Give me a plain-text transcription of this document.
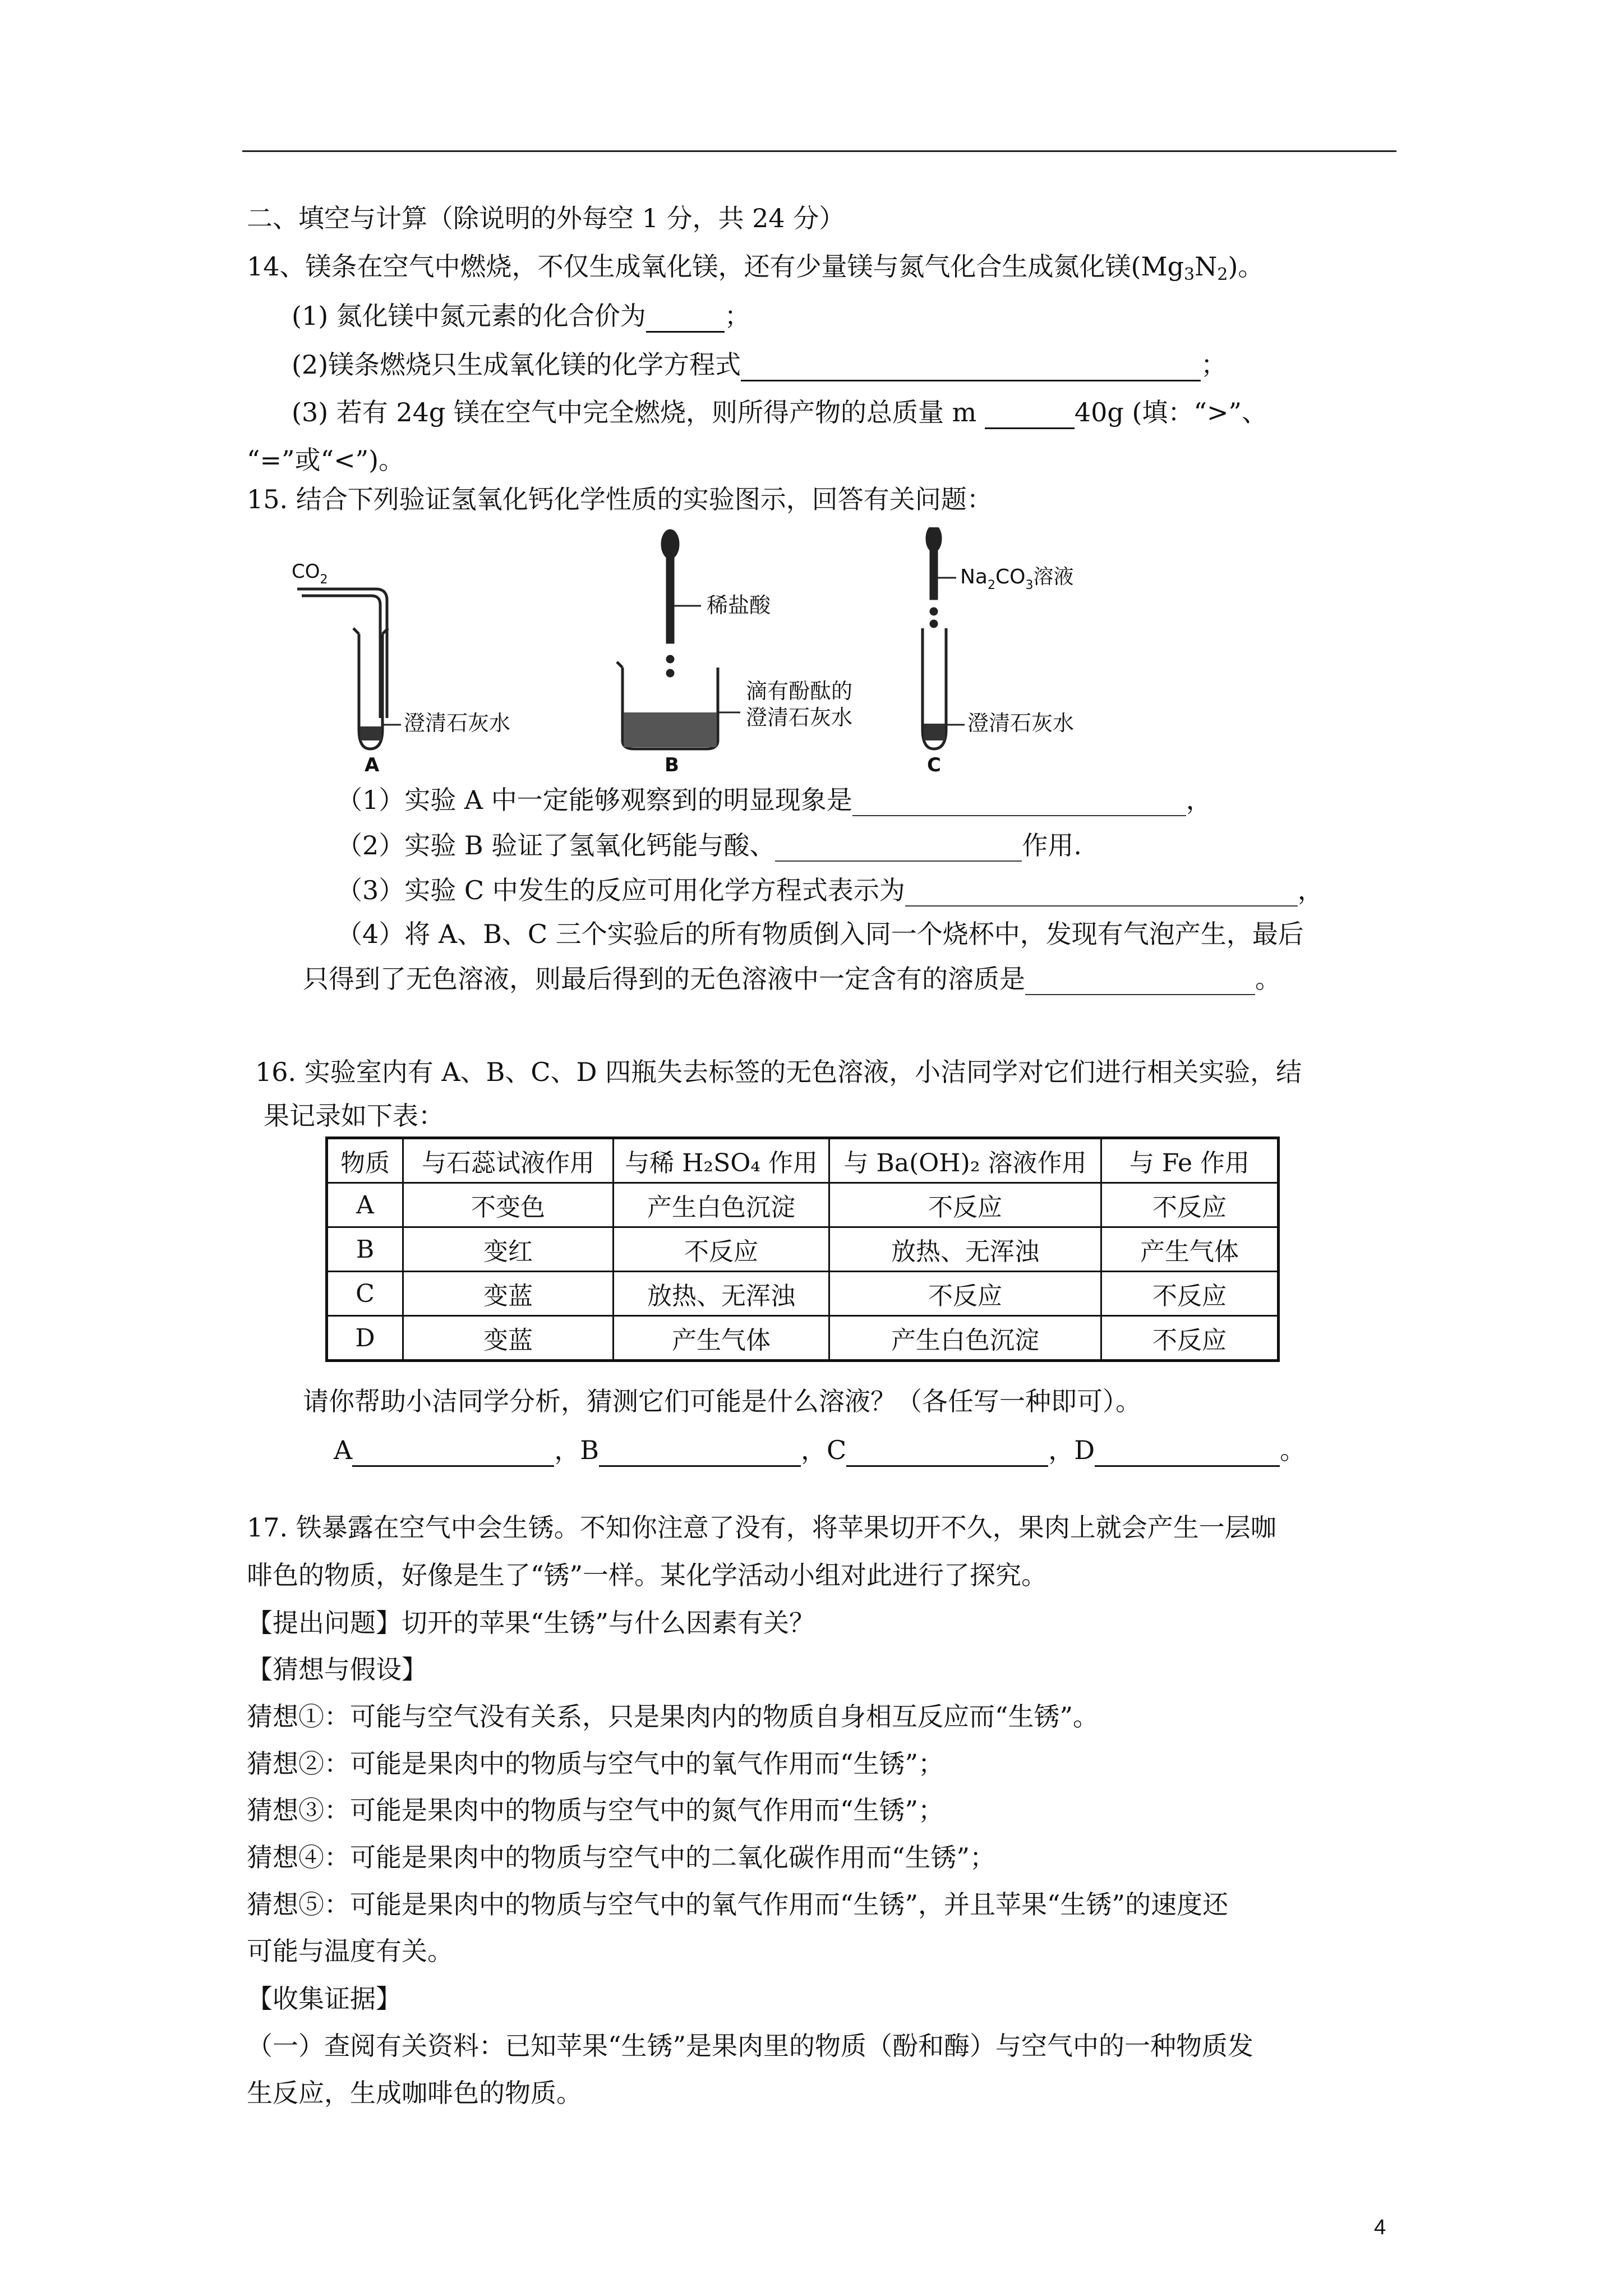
二、填空与计算（除说明的外每空 1 分，共 24 分）
14、镁条在空气中燃烧，不仅生成氧化镁，还有少量镁与氮气化合生成氮化镁$(Mg_3N_2)$。
(1) 氮化镁中氮元素的化合价为	；
(2)镁条燃烧只生成氧化镁的化学方程式	；
(3) 若有 24g 镁在空气中完全燃烧，则所得产物的总质量 m	40g (填：“>”、
“=”或“<”)。
15. 结合下列验证氢氧化钙化学性质的实验图示，回答有关问题：
$CO_2$
澄清石灰水
A
稀盐酸
滴有酚酞的
澄清石灰水
B
$Na_2CO_3$溶液
澄清石灰水
C
（1）实验 A 中一定能够观察到的明显现象是	，
（2）实验 B 验证了氢氧化钙能与酸、	作用.
（3）实验 C 中发生的反应可用化学方程式表示为	，
（4）将 A、B、C 三个实验后的所有物质倒入同一个烧杯中，发现有气泡产生，最后
只得到了无色溶液，则最后得到的无色溶液中一定含有的溶质是	。
16. 实验室内有 A、B、C、D 四瓶失去标签的无色溶液，小洁同学对它们进行相关实验，结
果记录如下表：
物质	与石蕊试液作用	与稀 H₂SO₄ 作用	与 Ba(OH)₂ 溶液作用	与 Fe 作用
A	不变色	产生白色沉淀	不反应	不反应
B	变红	不反应	放热、无浑浊	产生气体
C	变蓝	放热、无浑浊	不反应	不反应
D	变蓝	产生气体	产生白色沉淀	不反应
请你帮助小洁同学分析，猜测它们可能是什么溶液？（各任写一种即可）。
A	，B	，C	，D	。
17. 铁暴露在空气中会生锈。不知你注意了没有，将苹果切开不久，果肉上就会产生一层咖
啡色的物质，好像是生了“锈”一样。某化学活动小组对此进行了探究。
【提出问题】切开的苹果“生锈”与什么因素有关？
【猜想与假设】
猜想①：可能与空气没有关系，只是果肉内的物质自身相互反应而“生锈”。
猜想②：可能是果肉中的物质与空气中的氧气作用而“生锈”；
猜想③：可能是果肉中的物质与空气中的氮气作用而“生锈”；
猜想④：可能是果肉中的物质与空气中的二氧化碳作用而“生锈”；
猜想⑤：可能是果肉中的物质与空气中的氧气作用而“生锈”，并且苹果“生锈”的速度还
可能与温度有关。
【收集证据】
（一）查阅有关资料：已知苹果“生锈”是果肉里的物质（酚和酶）与空气中的一种物质发
生反应，生成咖啡色的物质。
4
